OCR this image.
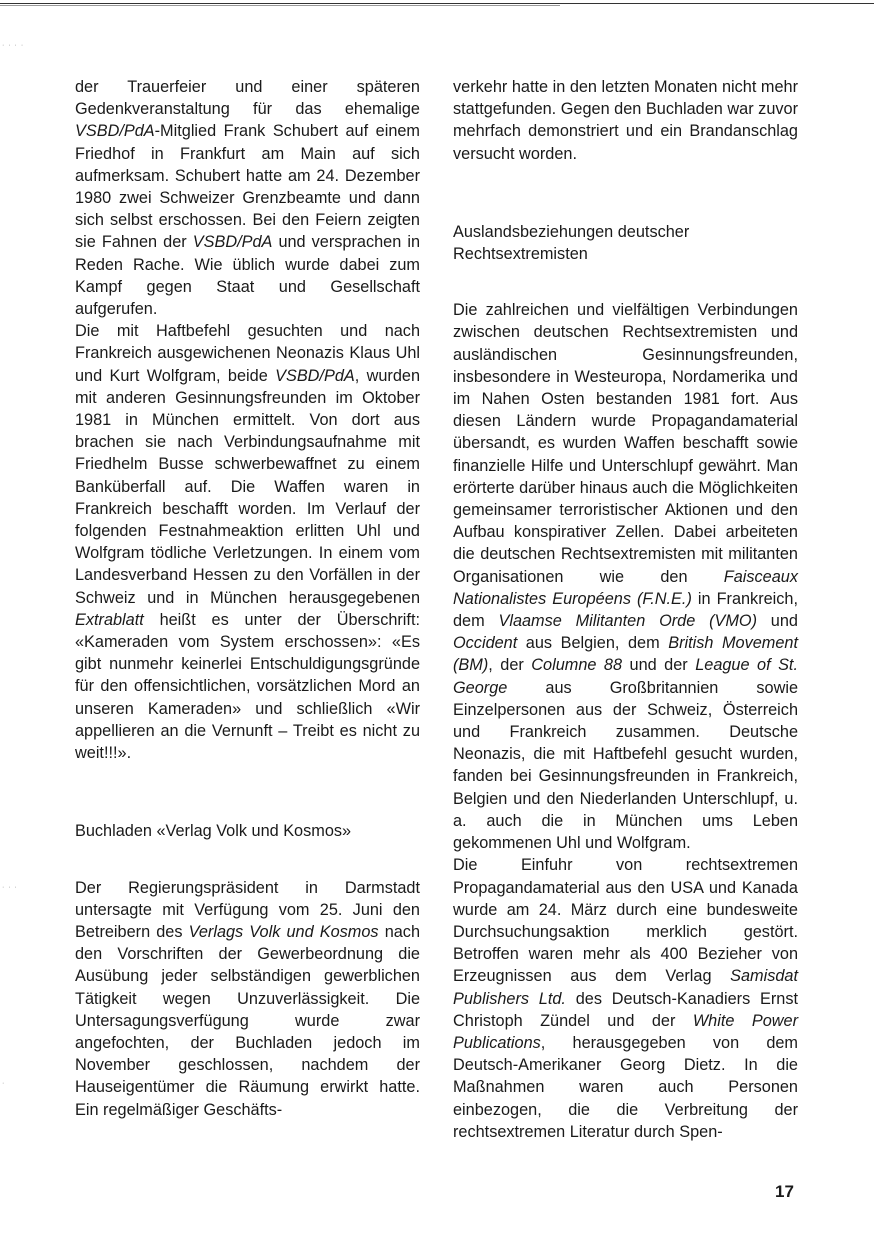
· · · ·
· · ·
·

der Trauerfeier und einer späteren Gedenkveranstaltung für das ehemalige VSBD/PdA-Mitglied Frank Schubert auf einem Friedhof in Frankfurt am Main auf sich aufmerksam. Schubert hatte am 24. Dezember 1980 zwei Schweizer Grenzbeamte und dann sich selbst erschossen. Bei den Feiern zeigten sie Fahnen der VSBD/PdA und versprachen in Reden Rache. Wie üblich wurde dabei zum Kampf gegen Staat und Gesellschaft aufgerufen.

Die mit Haftbefehl gesuchten und nach Frankreich ausgewichenen Neonazis Klaus Uhl und Kurt Wolfgram, beide VSBD/PdA, wurden mit anderen Gesinnungsfreunden im Oktober 1981 in München ermittelt. Von dort aus brachen sie nach Verbindungsaufnahme mit Friedhelm Busse schwerbewaffnet zu einem Banküberfall auf. Die Waffen waren in Frankreich beschafft worden. Im Verlauf der folgenden Festnahmeaktion erlitten Uhl und Wolfgram tödliche Verletzungen. In einem vom Landesverband Hessen zu den Vorfällen in der Schweiz und in München herausgegebenen Extrablatt heißt es unter der Überschrift: «Kameraden vom System erschossen»: «Es gibt nunmehr keinerlei Entschuldigungsgründe für den offensichtlichen, vorsätzlichen Mord an unseren Kameraden» und schließlich «Wir appellieren an die Vernunft – Treibt es nicht zu weit!!!».

Buchladen «Verlag Volk und Kosmos»

Der Regierungspräsident in Darmstadt untersagte mit Verfügung vom 25. Juni den Betreibern des Verlags Volk und Kosmos nach den Vorschriften der Gewerbeordnung die Ausübung jeder selbständigen gewerblichen Tätigkeit wegen Unzuverlässigkeit. Die Untersagungsverfügung wurde zwar angefochten, der Buchladen jedoch im November geschlossen, nachdem der Hauseigentümer die Räumung erwirkt hatte. Ein regelmäßiger Geschäfts-

verkehr hatte in den letzten Monaten nicht mehr stattgefunden. Gegen den Buchladen war zuvor mehrfach demonstriert und ein Brandanschlag versucht worden.

Auslandsbeziehungen deutscher Rechtsextremisten

Die zahlreichen und vielfältigen Verbindungen zwischen deutschen Rechtsextremisten und ausländischen Gesinnungsfreunden, insbesondere in Westeuropa, Nordamerika und im Nahen Osten bestanden 1981 fort. Aus diesen Ländern wurde Propagandamaterial übersandt, es wurden Waffen beschafft sowie finanzielle Hilfe und Unterschlupf gewährt. Man erörterte darüber hinaus auch die Möglichkeiten gemeinsamer terroristischer Aktionen und den Aufbau konspirativer Zellen. Dabei arbeiteten die deutschen Rechtsextremisten mit militanten Organisationen wie den Faisceaux Nationalistes Européens (F.N.E.) in Frankreich, dem Vlaamse Militanten Orde (VMO) und Occident aus Belgien, dem British Movement (BM), der Columne 88 und der League of St. George aus Großbritannien sowie Einzelpersonen aus der Schweiz, Österreich und Frankreich zusammen. Deutsche Neonazis, die mit Haftbefehl gesucht wurden, fanden bei Gesinnungsfreunden in Frankreich, Belgien und den Niederlanden Unterschlupf, u. a. auch die in München ums Leben gekommenen Uhl und Wolfgram.

Die Einfuhr von rechtsextremen Propagandamaterial aus den USA und Kanada wurde am 24. März durch eine bundesweite Durchsuchungsaktion merklich gestört. Betroffen waren mehr als 400 Bezieher von Erzeugnissen aus dem Verlag Samisdat Publishers Ltd. des Deutsch-Kanadiers Ernst Christoph Zündel und der White Power Publications, herausgegeben von dem Deutsch-Amerikaner Georg Dietz. In die Maßnahmen waren auch Personen einbezogen, die die Verbreitung der rechtsextremen Literatur durch Spen-

17
